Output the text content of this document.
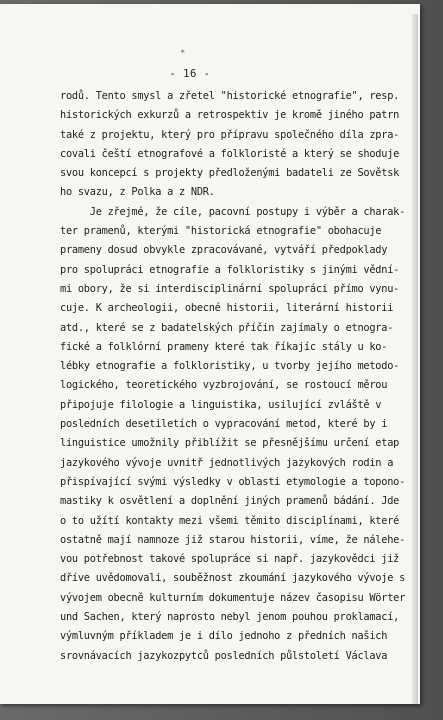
✶
- 16 -
rodů. Tento smysl a zřetel "historické etnografie", resp.
historických exkurzů a retrospektiv je kromě jiného patrn
také z projektu, který pro přípravu společného díla zpra-
covali čeští etnografové a folkloristé a který se shoduje
svou koncepcí s projekty předloženými badateli ze Sovětsk
ho svazu, z Polka a z NDR.
Je zřejmé, že cíle, pacovní postupy i výběr a charak-
ter pramenů, kterými "historická etnografie" obohacuje
prameny dosud obvykle zpracovávané, vytváří předpoklady
pro spolupráci etnografie a folkloristiky s jinými vědní-
mi obory, že si interdisciplinární spolupráci přímo vynu-
cuje. K archeologii, obecné historii, literární historii
atd., které se z badatelských příčin zajímaly o etnogra-
fické a folklórní prameny které tak říkajíc stály u ko-
lébky etnografie a folkloristiky, u tvorby jejího metodo-
logického, teoretického vyzbrojování, se rostoucí měrou
připojuje filologie a linguistika, usilující zvláště v
posledních desetiletích o vypracování metod, které by i
linguistice umožnily přiblížit se přesnějšímu určení etap
jazykového vývoje uvnitř jednotlivých jazykových rodin a
přispívající svými výsledky v oblasti etymologie a topono-
mastiky k osvětlení a doplnění jiných pramenů bádání. Jde
o to užítí kontakty mezi všemi těmito disciplínami, které
ostatně mají namnoze již starou historii, víme, že nálehe-
vou potřebnost takové spolupráce si např. jazykovědci již
dříve uvědomovali, souběžnost zkoumání jazykového vývoje s
vývojem obecně kulturním dokumentuje název časopisu Wörter
und Sachen, který naprosto nebyl jenom pouhou proklamací,
výmluvným příkladem je i dílo jednoho z předních našich
srovnávacích jazykozpytců posledních půlstoletí Václava
